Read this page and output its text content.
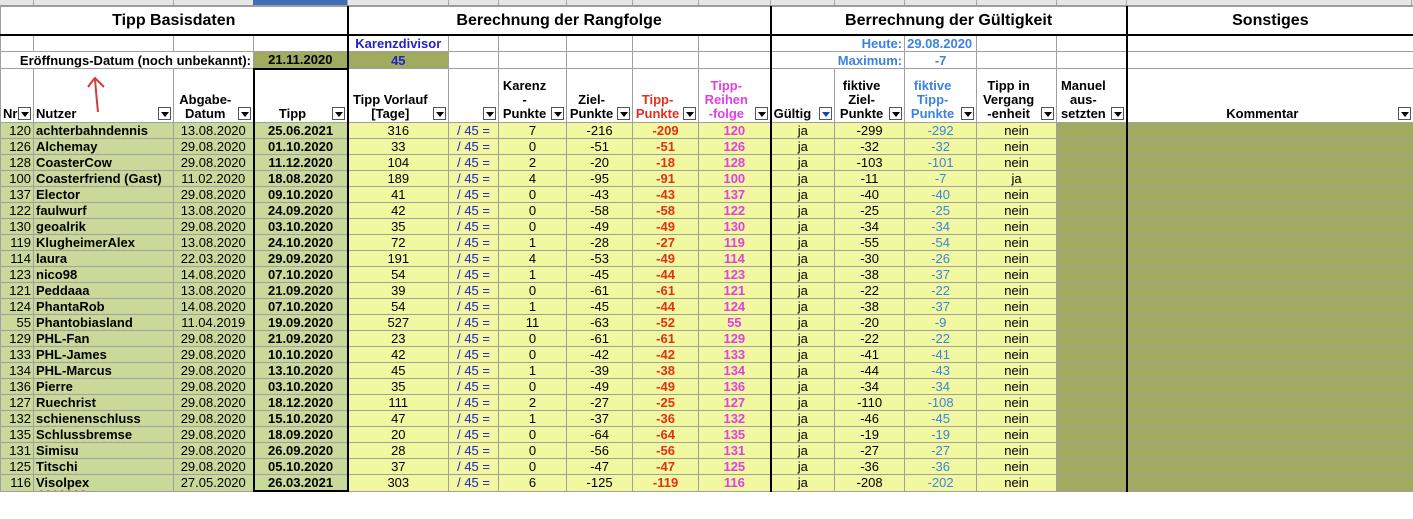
Tipp Basisdaten				Berechnung der Rangfolge						Berrechnung der Gültigkeit					Sonstiges
				Karenzdivisor						Heute:		29.08.2020			
Eröffnungs-Datum (noch unbekannt):			21.11.2020	45						Maximum:		-7			

Nr	Nutzer	Abgabe-Datum	Tipp	Tipp Vorlauf [Tage]		Karenz -Punkte	Ziel-Punkte	Tipp-Punkte	Tipp-Reihen -folge	Gültig	fiktive Ziel-Punkte	fiktive Tipp-Punkte	Tipp in Vergang -enheit	Manuel aus-setzten	Kommentar

120	achterbahndennis	13.08.2020	25.06.2021	316	/ 45 =	7	-216	-209	120	ja	-299	-292	nein		
126	Alchemay	29.08.2020	01.10.2020	33	/ 45 =	0	-51	-51	126	ja	-32	-32	nein		
128	CoasterCow	29.08.2020	11.12.2020	104	/ 45 =	2	-20	-18	128	ja	-103	-101	nein		
100	Coasterfriend (Gast)	11.02.2020	18.08.2020	189	/ 45 =	4	-95	-91	100	ja	-11	-7	ja		
137	Elector	29.08.2020	09.10.2020	41	/ 45 =	0	-43	-43	137	ja	-40	-40	nein		
122	faulwurf	13.08.2020	24.09.2020	42	/ 45 =	0	-58	-58	122	ja	-25	-25	nein		
130	geoalrik	29.08.2020	03.10.2020	35	/ 45 =	0	-49	-49	130	ja	-34	-34	nein		
119	KlugheimerAlex	13.08.2020	24.10.2020	72	/ 45 =	1	-28	-27	119	ja	-55	-54	nein		
114	laura	22.03.2020	29.09.2020	191	/ 45 =	4	-53	-49	114	ja	-30	-26	nein		
123	nico98	14.08.2020	07.10.2020	54	/ 45 =	1	-45	-44	123	ja	-38	-37	nein		
121	Peddaaa	13.08.2020	21.09.2020	39	/ 45 =	0	-61	-61	121	ja	-22	-22	nein		
124	PhantaRob	14.08.2020	07.10.2020	54	/ 45 =	1	-45	-44	124	ja	-38	-37	nein		
55	Phantobiasland	11.04.2019	19.09.2020	527	/ 45 =	11	-63	-52	55	ja	-20	-9	nein		
129	PHL-Fan	29.08.2020	21.09.2020	23	/ 45 =	0	-61	-61	129	ja	-22	-22	nein		
133	PHL-James	29.08.2020	10.10.2020	42	/ 45 =	0	-42	-42	133	ja	-41	-41	nein		
134	PHL-Marcus	29.08.2020	13.10.2020	45	/ 45 =	1	-39	-38	134	ja	-44	-43	nein		
136	Pierre	29.08.2020	03.10.2020	35	/ 45 =	0	-49	-49	136	ja	-34	-34	nein		
127	Ruechrist	29.08.2020	18.12.2020	111	/ 45 =	2	-27	-25	127	ja	-110	-108	nein		
132	schienenschluss	29.08.2020	15.10.2020	47	/ 45 =	1	-37	-36	132	ja	-46	-45	nein		
135	Schlussbremse	29.08.2020	18.09.2020	20	/ 45 =	0	-64	-64	135	ja	-19	-19	nein		
131	Simisu	29.08.2020	26.09.2020	28	/ 45 =	0	-56	-56	131	ja	-27	-27	nein		
125	Titschi	29.08.2020	05.10.2020	37	/ 45 =	0	-47	-47	125	ja	-36	-36	nein		
116	Visolpex	27.05.2020	26.03.2021	303	/ 45 =	6	-125	-119	116	ja	-208	-202	nein		
